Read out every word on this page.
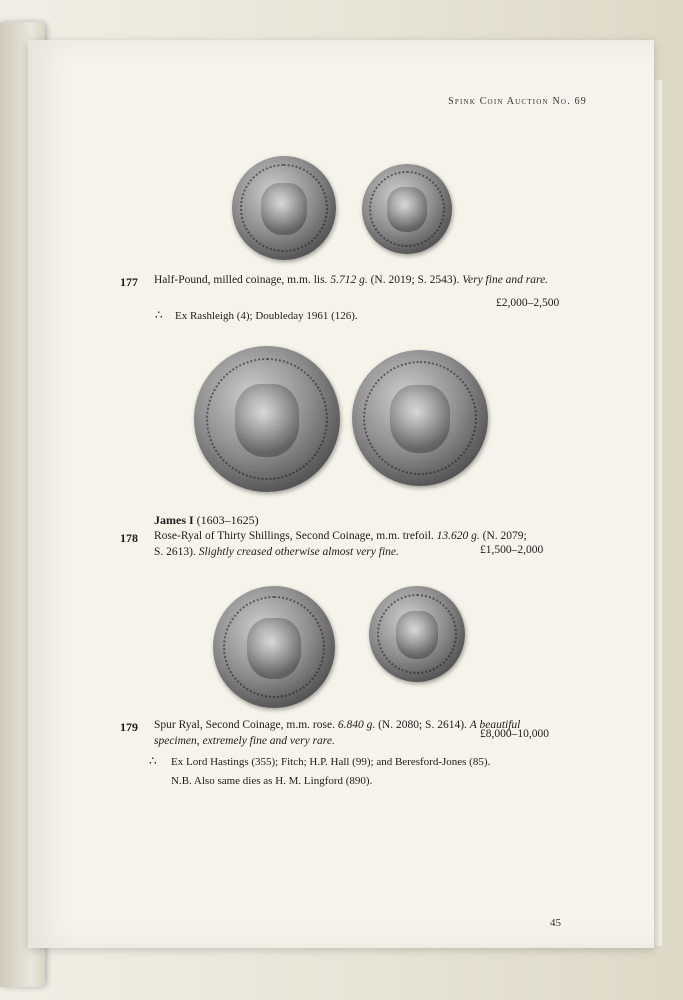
Spink Coin Auction No. 69
177 Half-Pound, milled coinage, m.m. lis. 5.712 g. (N. 2019; S. 2543). Very fine and rare.
£2,000–2,500
∴ Ex Rashleigh (4); Doubleday 1961 (126).
James I (1603–1625)
178 Rose-Ryal of Thirty Shillings, Second Coinage, m.m. trefoil. 13.620 g. (N. 2079;
S. 2613). Slightly creased otherwise almost very fine.	£1,500–2,000
179 Spur Ryal, Second Coinage, m.m. rose. 6.840 g. (N. 2080; S. 2614). A beautiful
specimen, extremely fine and very rare.
£8,000–10,000
∴ Ex Lord Hastings (355); Fitch; H.P. Hall (99); and Beresford-Jones (85).
N.B. Also same dies as H. M. Lingford (890).
45
